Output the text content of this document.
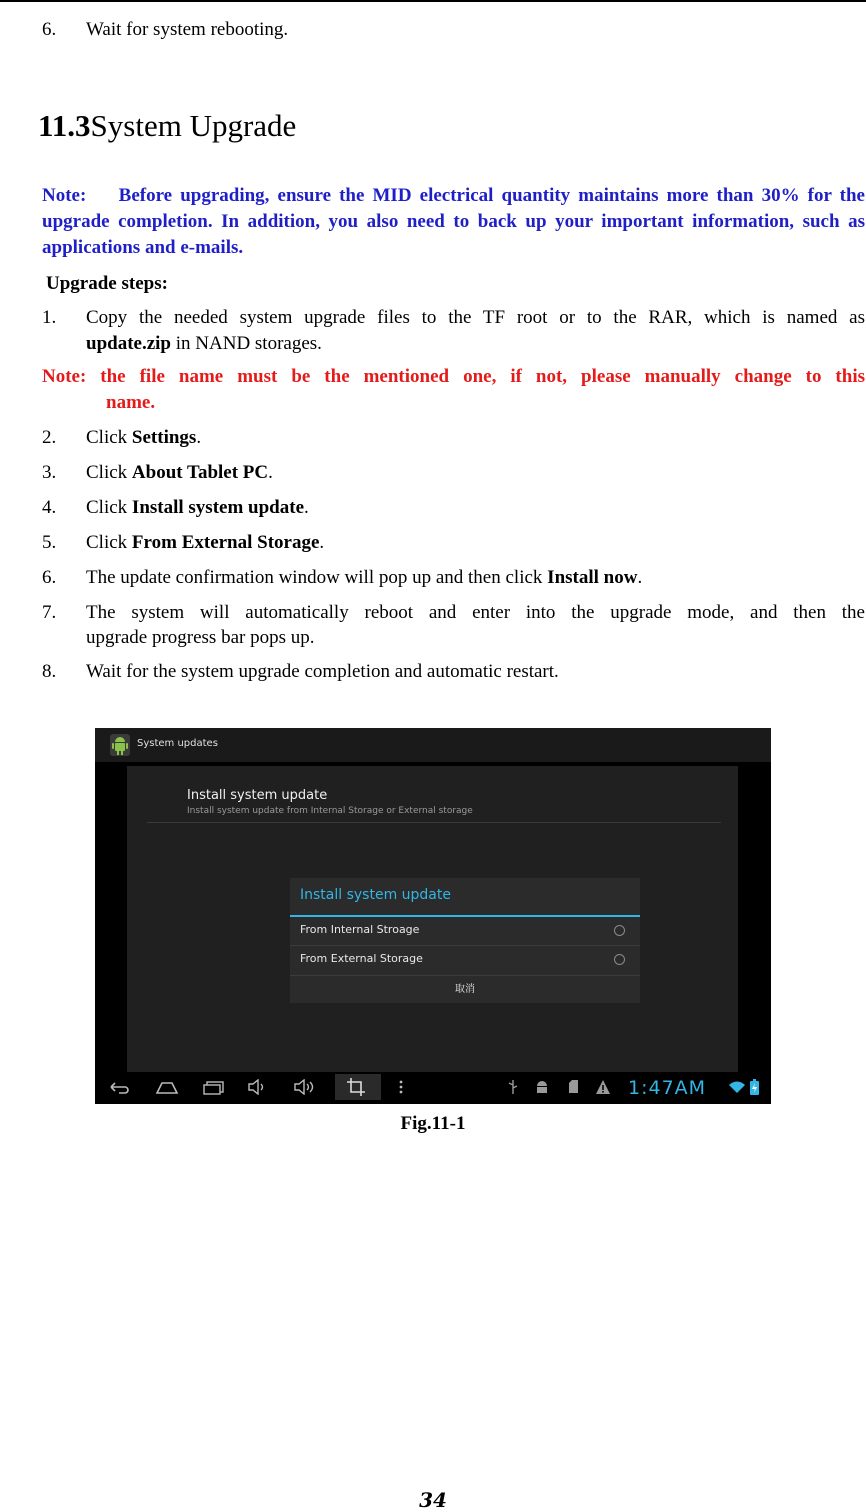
6. Wait for system rebooting.
11.3System Upgrade
Note: Before upgrading, ensure the MID electrical quantity maintains more than 30% for the upgrade completion. In addition, you also need to back up your important information, such as applications and e-mails.
Upgrade steps:
1. Copy the needed system upgrade files to the TF root or to the RAR, which is named as
update.zip in NAND storages.
Note: the file name must be the mentioned one, if not, please manually change to this
name.
2. Click Settings.
3. Click About Tablet PC.
4. Click Install system update.
5. Click From External Storage.
6. The update confirmation window will pop up and then click Install now.
7. The system will automatically reboot and enter into the upgrade mode, and then the
upgrade progress bar pops up.
8. Wait for the system upgrade completion and automatic restart.
System updates
Install system update
Install system update from Internal Storage or External storage
Install system update
From Internal Stroage
From External Storage
取消
1:47AM
Fig.11-1
34
